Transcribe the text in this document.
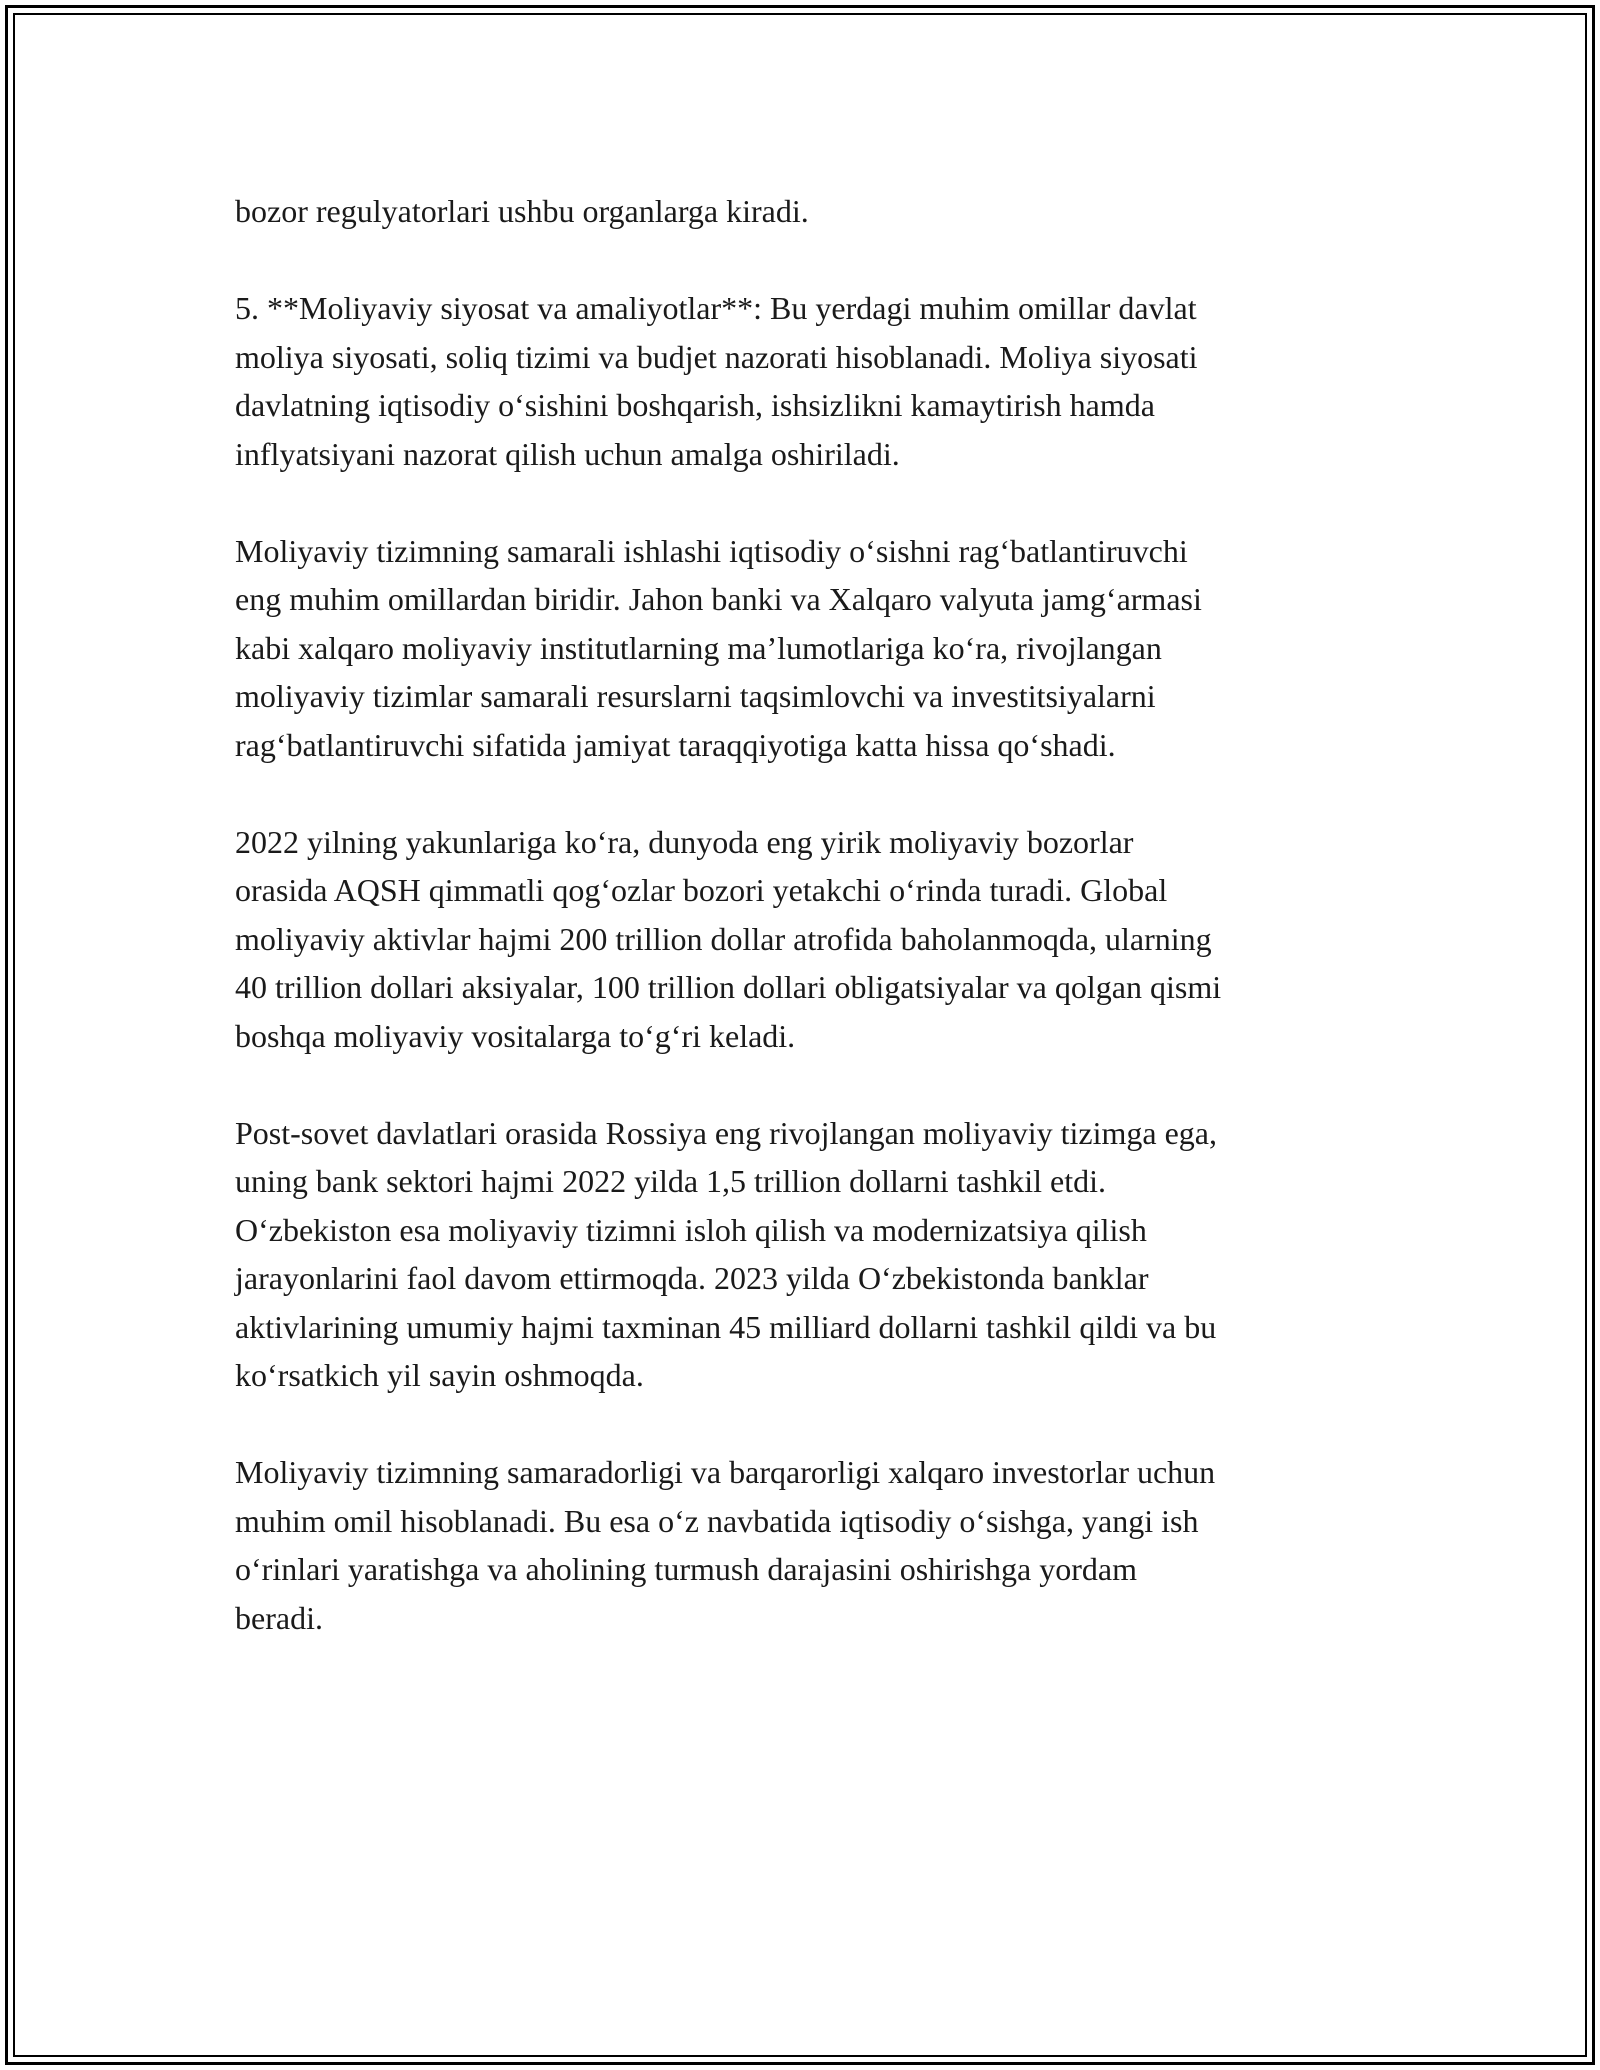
bozor regulyatorlari ushbu organlarga kiradi.

5. **Moliyaviy siyosat va amaliyotlar**: Bu yerdagi muhim omillar davlat
moliya siyosati, soliq tizimi va budjet nazorati hisoblanadi. Moliya siyosati
davlatning iqtisodiy o‘sishini boshqarish, ishsizlikni kamaytirish hamda
inflyatsiyani nazorat qilish uchun amalga oshiriladi.

Moliyaviy tizimning samarali ishlashi iqtisodiy o‘sishni rag‘batlantiruvchi
eng muhim omillardan biridir. Jahon banki va Xalqaro valyuta jamg‘armasi
kabi xalqaro moliyaviy institutlarning ma’lumotlariga ko‘ra, rivojlangan
moliyaviy tizimlar samarali resurslarni taqsimlovchi va investitsiyalarni
rag‘batlantiruvchi sifatida jamiyat taraqqiyotiga katta hissa qo‘shadi.

2022 yilning yakunlariga ko‘ra, dunyoda eng yirik moliyaviy bozorlar
orasida AQSH qimmatli qog‘ozlar bozori yetakchi o‘rinda turadi. Global
moliyaviy aktivlar hajmi 200 trillion dollar atrofida baholanmoqda, ularning
40 trillion dollari aksiyalar, 100 trillion dollari obligatsiyalar va qolgan qismi
boshqa moliyaviy vositalarga to‘g‘ri keladi.

Post-sovet davlatlari orasida Rossiya eng rivojlangan moliyaviy tizimga ega,
uning bank sektori hajmi 2022 yilda 1,5 trillion dollarni tashkil etdi.
O‘zbekiston esa moliyaviy tizimni isloh qilish va modernizatsiya qilish
jarayonlarini faol davom ettirmoqda. 2023 yilda O‘zbekistonda banklar
aktivlarining umumiy hajmi taxminan 45 milliard dollarni tashkil qildi va bu
ko‘rsatkich yil sayin oshmoqda.

Moliyaviy tizimning samaradorligi va barqarorligi xalqaro investorlar uchun
muhim omil hisoblanadi. Bu esa o‘z navbatida iqtisodiy o‘sishga, yangi ish
o‘rinlari yaratishga va aholining turmush darajasini oshirishga yordam
beradi.
